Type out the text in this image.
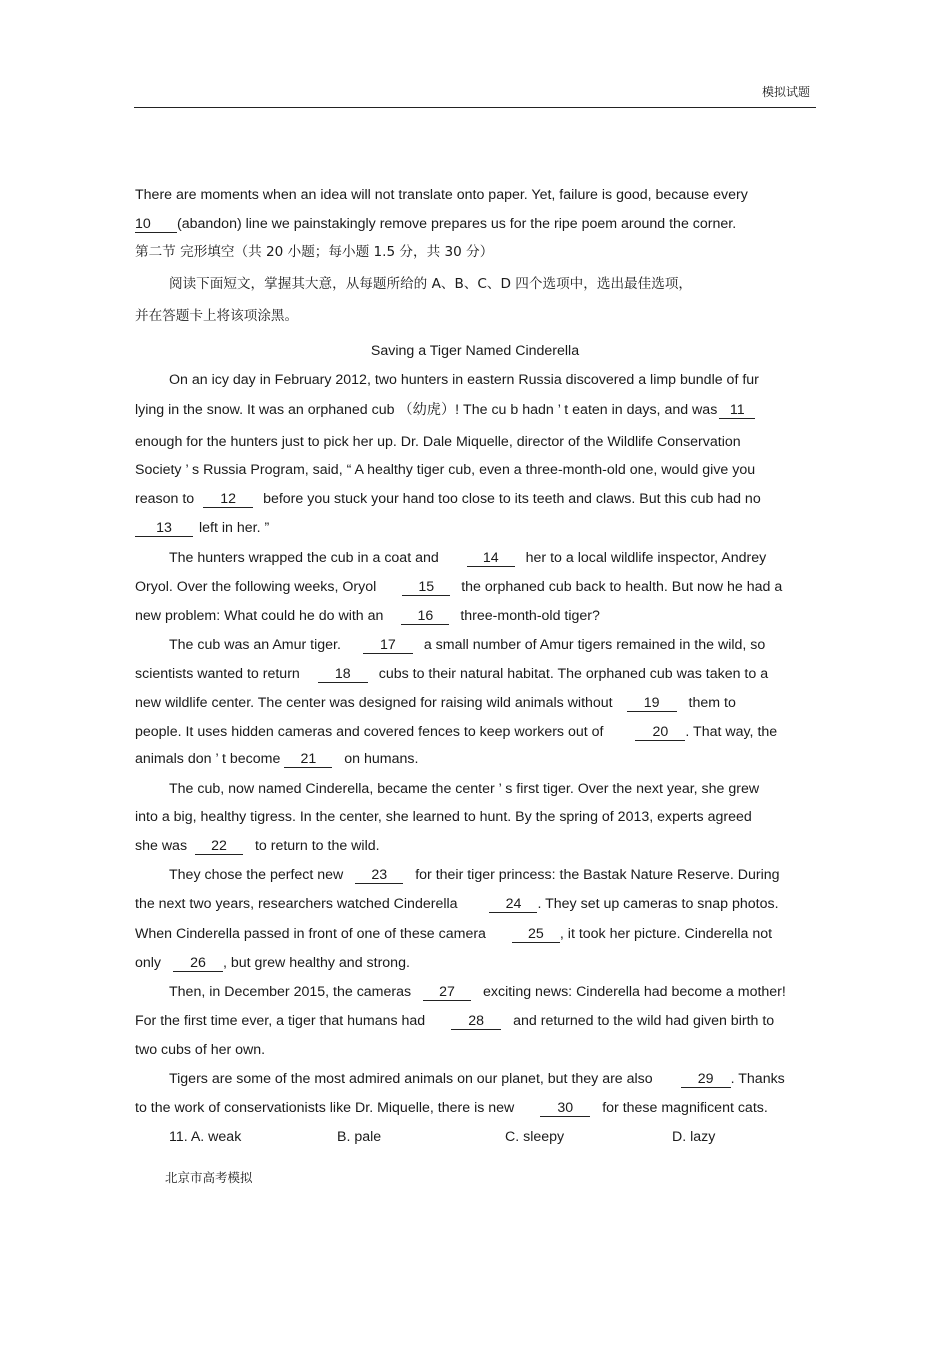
模拟试题
There are moments when an idea will not translate onto paper. Yet, failure is good, because every
10 (abandon) line we painstakingly remove prepares us for the ripe poem around the corner.
第二节 完形填空（共 20 小题；每小题 1.5 分，共 30 分）
阅读下面短文，掌握其大意，从每题所给的 A、B、C、D 四个选项中，选出最佳选项，
并在答题卡上将该项涂黑。
Saving a Tiger Named Cinderella
On an icy day in February 2012, two hunters in eastern Russia discovered a limp bundle of fur
lying in the snow. It was an orphaned cub （幼虎）! The cu b hadn ’ t eaten in days, and was 11
enough for the hunters just to pick her up. Dr. Dale Miquelle, director of the Wildlife Conservation
Society ’ s Russia Program, said, “ A healthy tiger cub, even a three-month-old one, would give you
reason to 12 before you stuck your hand too close to its teeth and claws. But this cub had no
13 left in her. ”
The hunters wrapped the cub in a coat and	14 her to a local wildlife inspector, Andrey
Oryol. Over the following weeks, Oryol	15 the orphaned cub back to health. But now he had a
new problem: What could he do with an 16 three-month-old tiger?
The cub was an Amur tiger.	17 a small number of Amur tigers remained in the wild, so
scientists wanted to return 18 cubs to their natural habitat. The orphaned cub was taken to a
new wildlife center. The center was designed for raising wild animals without 19 them to
people. It uses hidden cameras and covered fences to keep workers out of	20 . That way, the
animals don ’ t become 21 on humans.
The cub, now named Cinderella, became the center ’ s first tiger. Over the next year, she grew
into a big, healthy tigress. In the center, she learned to hunt. By the spring of 2013, experts agreed
she was 22 to return to the wild.
They chose the perfect new 23 for their tiger princess: the Bastak Nature Reserve. During
the next two years, researchers watched Cinderella	24 . They set up cameras to snap photos.
When Cinderella passed in front of one of these camera	25 , it took her picture. Cinderella not
only 26 , but grew healthy and strong.
Then, in December 2015, the cameras 27 exciting news: Cinderella had become a mother!
For the first time ever, a tiger that humans had	28 and returned to the wild had given birth to
two cubs of her own.
Tigers are some of the most admired animals on our planet, but they are also	29 . Thanks
to the work of conservationists like Dr. Miquelle, there is new	30 for these magnificent cats.
11. A. weak	B. pale	C. sleepy	D. lazy
北京市高考模拟
